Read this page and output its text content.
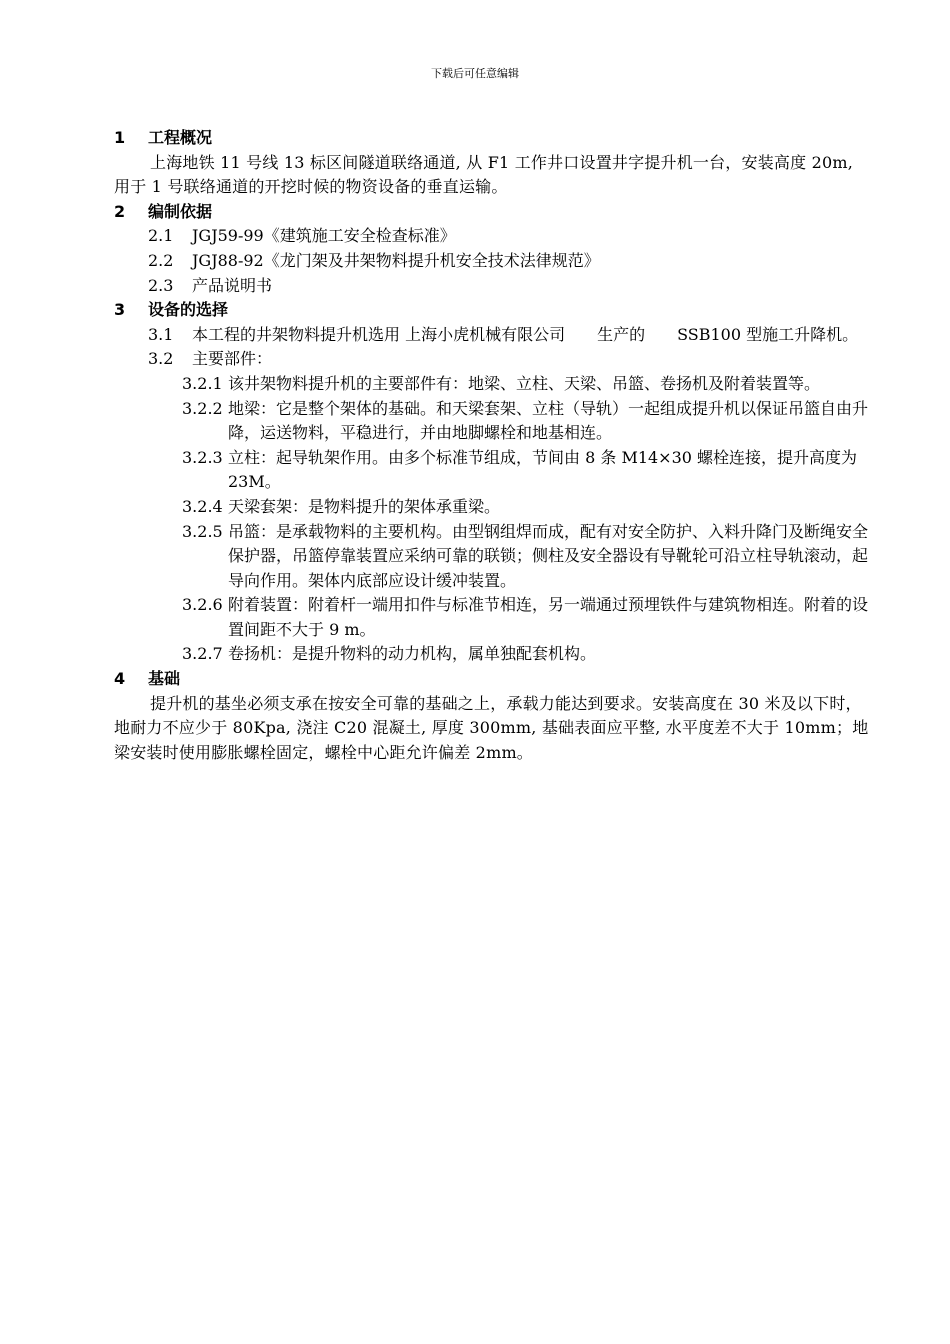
下载后可任意编辑

1 工程概况

上海地铁 11 号线 13 标区间隧道联络通道, 从 F1 工作井口设置井字提升机一台，安装高度 20m, 用于 1 号联络通道的开挖时候的物资设备的垂直运输。

2 编制依据

2.1 JGJ59-99《建筑施工安全检查标准》

2.2 JGJ88-92《龙门架及井架物料提升机安全技术法律规范》

2.3 产品说明书

3 设备的选择

3.1 本工程的井架物料提升机选用 上海小虎机械有限公司　　生产的　　SSB100 型施工升降机。

3.2 主要部件：

3.2.1 该井架物料提升机的主要部件有：地梁、立柱、天梁、吊篮、卷扬机及附着装置等。

3.2.2 地梁：它是整个架体的基础。和天梁套架、立柱（导轨）一起组成提升机以保证吊篮自由升降，运送物料，平稳进行，并由地脚螺栓和地基相连。

3.2.3 立柱：起导轨架作用。由多个标准节组成，节间由 8 条 M14×30 螺栓连接，提升高度为　23M。

3.2.4 天梁套架：是物料提升的架体承重梁。

3.2.5 吊篮：是承载物料的主要机构。由型钢组焊而成，配有对安全防护、入料升降门及断绳安全保护器，吊篮停靠装置应采纳可靠的联锁；侧柱及安全器设有导靴轮可沿立柱导轨滚动，起导向作用。架体内底部应设计缓冲装置。

3.2.6 附着装置：附着杆一端用扣件与标准节相连，另一端通过预埋铁件与建筑物相连。附着的设置间距不大于 9 m。

3.2.7 卷扬机：是提升物料的动力机构，属单独配套机构。

4 基础

提升机的基坐必须支承在按安全可靠的基础之上，承载力能达到要求。安装高度在 30 米及以下时，地耐力不应少于 80Kpa, 浇注 C20 混凝土, 厚度 300mm, 基础表面应平整, 水平度差不大于 10mm；地梁安装时使用膨胀螺栓固定，螺栓中心距允许偏差 2mm。
